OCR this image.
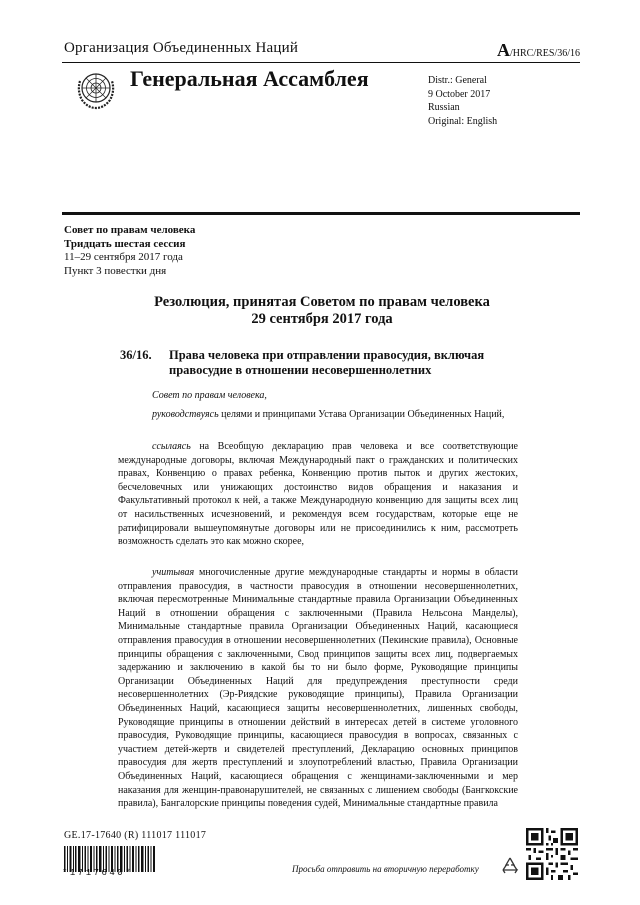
Организация Объединенных Наций	A/HRC/RES/36/16
Генеральная Ассамблея	Distr.: General
9 October 2017
Russian
Original: English
Совет по правам человека
Тридцать шестая сессия
11–29 сентября 2017 года
Пункт 3 повестки дня
Резолюция, принятая Советом по правам человека
29 сентября 2017 года
36/16.	Права человека при отправлении правосудия, включая
правосудие в отношении несовершеннолетних
Совет по правам человека,
руководствуясь целями и принципами Устава Организации Объединенных Наций,
ссылаясь на Всеобщую декларацию прав человека и все соответствующие международные договоры, включая Международный пакт о гражданских и политических правах, Конвенцию о правах ребенка, Конвенцию против пыток и других жестоких, бесчеловечных или унижающих достоинство видов обращения и наказания и Факультативный протокол к ней, а также Международную конвенцию для защиты всех лиц от насильственных исчезновений, и рекомендуя всем государствам, которые еще не ратифицировали вышеупомянутые договоры или не присоединились к ним, рассмотреть возможность сделать это как можно скорее,
учитывая многочисленные другие международные стандарты и нормы в области отправления правосудия, в частности правосудия в отношении несовершеннолетних, включая пересмотренные Минимальные стандартные правила Организации Объединенных Наций в отношении обращения с заключенными (Правила Нельсона Манделы), Минимальные стандартные правила Организации Объединенных Наций, касающиеся отправления правосудия в отношении несовершеннолетних (Пекинские правила), Основные принципы обращения с заключенными, Свод принципов защиты всех лиц, подвергаемых задержанию и заключению в какой бы то ни было форме, Руководящие принципы Организации Объединенных Наций для предупреждения преступности среди несовершеннолетних (Эр-Риядские руководящие принципы), Правила Организации Объединенных Наций, касающиеся защиты несовершеннолетних, лишенных свободы, Руководящие принципы в отношении действий в интересах детей в системе уголовного правосудия, Руководящие принципы, касающиеся правосудия в вопросах, связанных с участием детей-жертв и свидетелей преступлений, Декларацию основных принципов правосудия для жертв преступлений и злоупотреблений властью, Правила Организации Объединенных Наций, касающиеся обращения с женщинами-заключенными и мер наказания для женщин-правонарушителей, не связанных с лишением свободы (Бангкокские правила), Бангалорские принципы поведения судей, Минимальные стандартные правила
GE.17-17640 (R) 111017 111017
*1717640*	Просьба отправить на вторичную переработку
